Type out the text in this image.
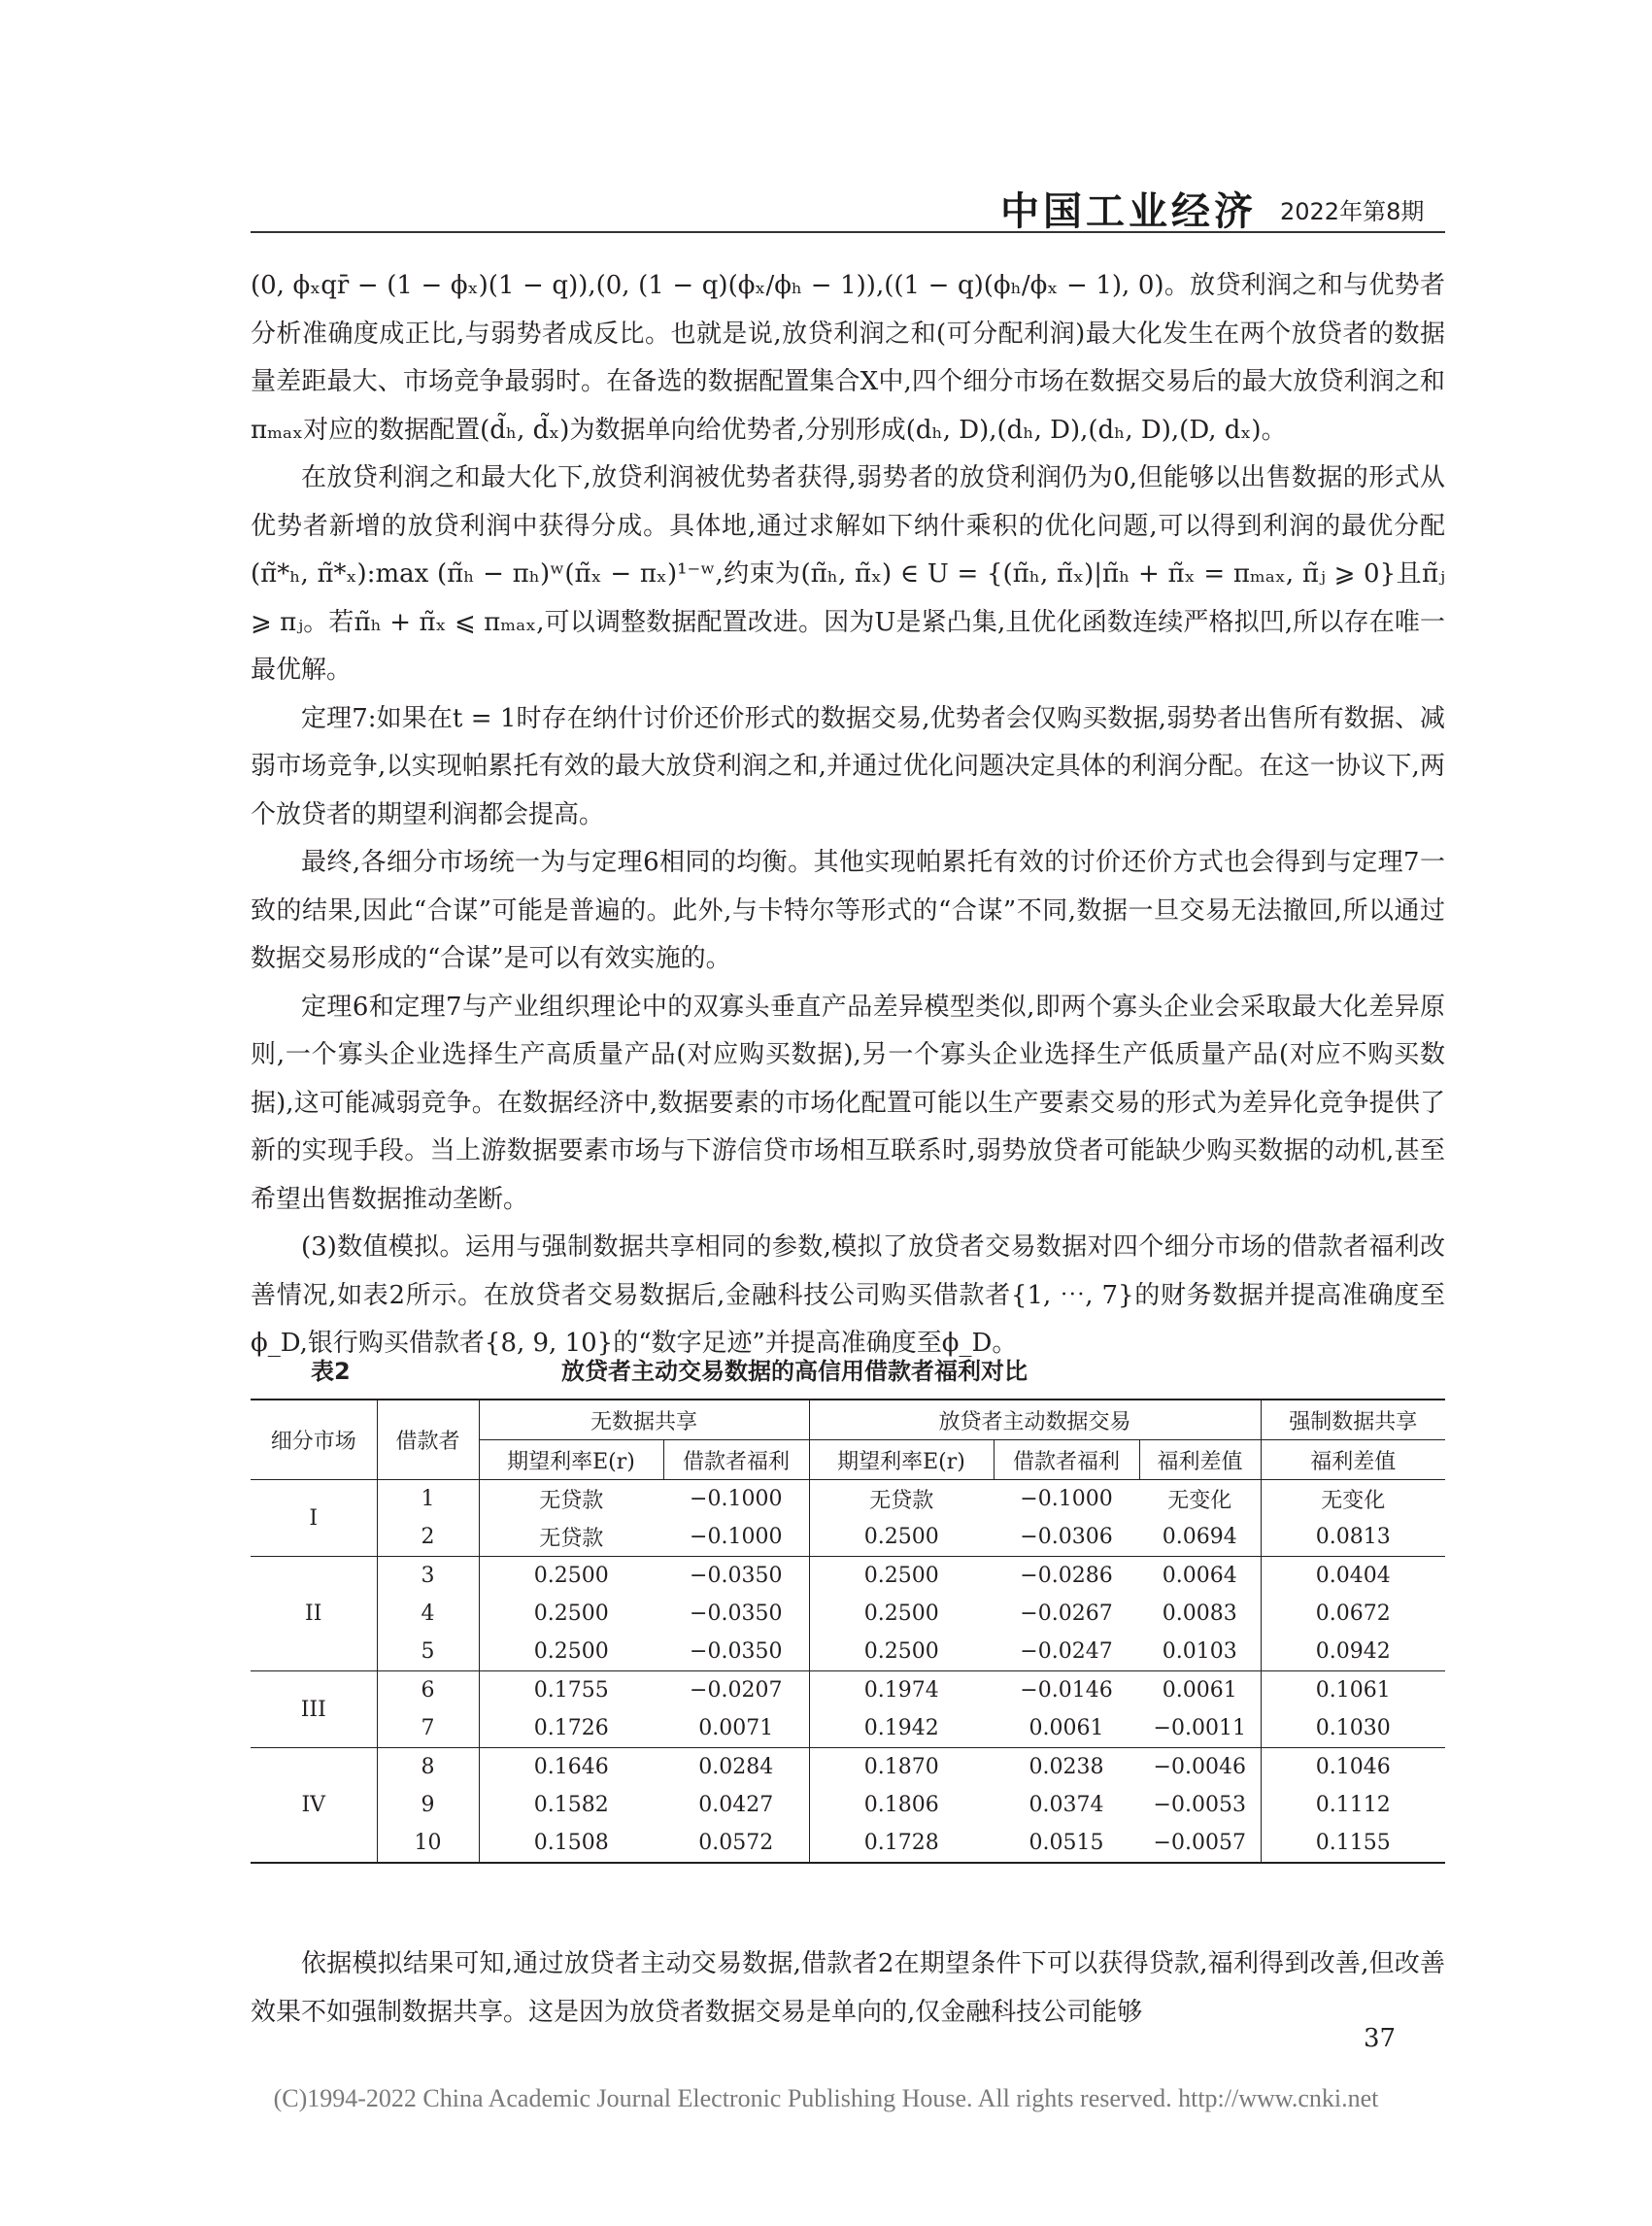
中国工业经济 2022年第8期

(0, ϕₓqr̄ − (1 − ϕₓ)(1 − q)),(0, (1 − q)(ϕₓ/ϕₕ − 1)),((1 − q)(ϕₕ/ϕₓ − 1), 0)。放贷利润之和与优势者分析准确度成正比,与弱势者成反比。也就是说,放贷利润之和(可分配利润)最大化发生在两个放贷者的数据量差距最大、市场竞争最弱时。在备选的数据配置集合X中,四个细分市场在数据交易后的最大放贷利润之和πₘₐₓ对应的数据配置(d̃ₕ, d̃ₓ)为数据单向给优势者,分别形成(dₕ, D),(dₕ, D),(dₕ, D),(D, dₓ)。

在放贷利润之和最大化下,放贷利润被优势者获得,弱势者的放贷利润仍为0,但能够以出售数据的形式从优势者新增的放贷利润中获得分成。具体地,通过求解如下纳什乘积的优化问题,可以得到利润的最优分配(π̃*ₕ, π̃*ₓ):max (π̃ₕ − πₕ)ʷ(π̃ₓ − πₓ)¹⁻ʷ,约束为(π̃ₕ, π̃ₓ) ∈ U = {(π̃ₕ, π̃ₓ)|π̃ₕ + π̃ₓ = πₘₐₓ, π̃ⱼ ⩾ 0}且π̃ⱼ ⩾ πⱼ。若π̃ₕ + π̃ₓ ⩽ πₘₐₓ,可以调整数据配置改进。因为U是紧凸集,且优化函数连续严格拟凹,所以存在唯一最优解。

定理7:如果在t = 1时存在纳什讨价还价形式的数据交易,优势者会仅购买数据,弱势者出售所有数据、减弱市场竞争,以实现帕累托有效的最大放贷利润之和,并通过优化问题决定具体的利润分配。在这一协议下,两个放贷者的期望利润都会提高。

最终,各细分市场统一为与定理6相同的均衡。其他实现帕累托有效的讨价还价方式也会得到与定理7一致的结果,因此“合谋”可能是普遍的。此外,与卡特尔等形式的“合谋”不同,数据一旦交易无法撤回,所以通过数据交易形成的“合谋”是可以有效实施的。

定理6和定理7与产业组织理论中的双寡头垂直产品差异模型类似,即两个寡头企业会采取最大化差异原则,一个寡头企业选择生产高质量产品(对应购买数据),另一个寡头企业选择生产低质量产品(对应不购买数据),这可能减弱竞争。在数据经济中,数据要素的市场化配置可能以生产要素交易的形式为差异化竞争提供了新的实现手段。当上游数据要素市场与下游信贷市场相互联系时,弱势放贷者可能缺少购买数据的动机,甚至希望出售数据推动垄断。

(3)数值模拟。运用与强制数据共享相同的参数,模拟了放贷者交易数据对四个细分市场的借款者福利改善情况,如表2所示。在放贷者交易数据后,金融科技公司购买借款者{1, ⋯, 7}的财务数据并提高准确度至ϕ_D,银行购买借款者{8, 9, 10}的“数字足迹”并提高准确度至ϕ_D。

表2	放贷者主动交易数据的高信用借款者福利对比
细分市场	借款者	无数据共享		放贷者主动数据交易			强制数据共享
		期望利率E(r)	借款者福利	期望利率E(r)	借款者福利	福利差值	福利差值
I	1	无贷款	−0.1000	无贷款	−0.1000	无变化	无变化
	2	无贷款	−0.1000	0.2500	−0.0306	0.0694	0.0813
II	3	0.2500	−0.0350	0.2500	−0.0286	0.0064	0.0404
	4	0.2500	−0.0350	0.2500	−0.0267	0.0083	0.0672
	5	0.2500	−0.0350	0.2500	−0.0247	0.0103	0.0942
III	6	0.1755	−0.0207	0.1974	−0.0146	0.0061	0.1061
	7	0.1726	0.0071	0.1942	0.0061	−0.0011	0.1030
IV	8	0.1646	0.0284	0.1870	0.0238	−0.0046	0.1046
	9	0.1582	0.0427	0.1806	0.0374	−0.0053	0.1112
	10	0.1508	0.0572	0.1728	0.0515	−0.0057	0.1155

依据模拟结果可知,通过放贷者主动交易数据,借款者2在期望条件下可以获得贷款,福利得到改善,但改善效果不如强制数据共享。这是因为放贷者数据交易是单向的,仅金融科技公司能够

37
(C)1994-2022 China Academic Journal Electronic Publishing House. All rights reserved. http://www.cnki.net
